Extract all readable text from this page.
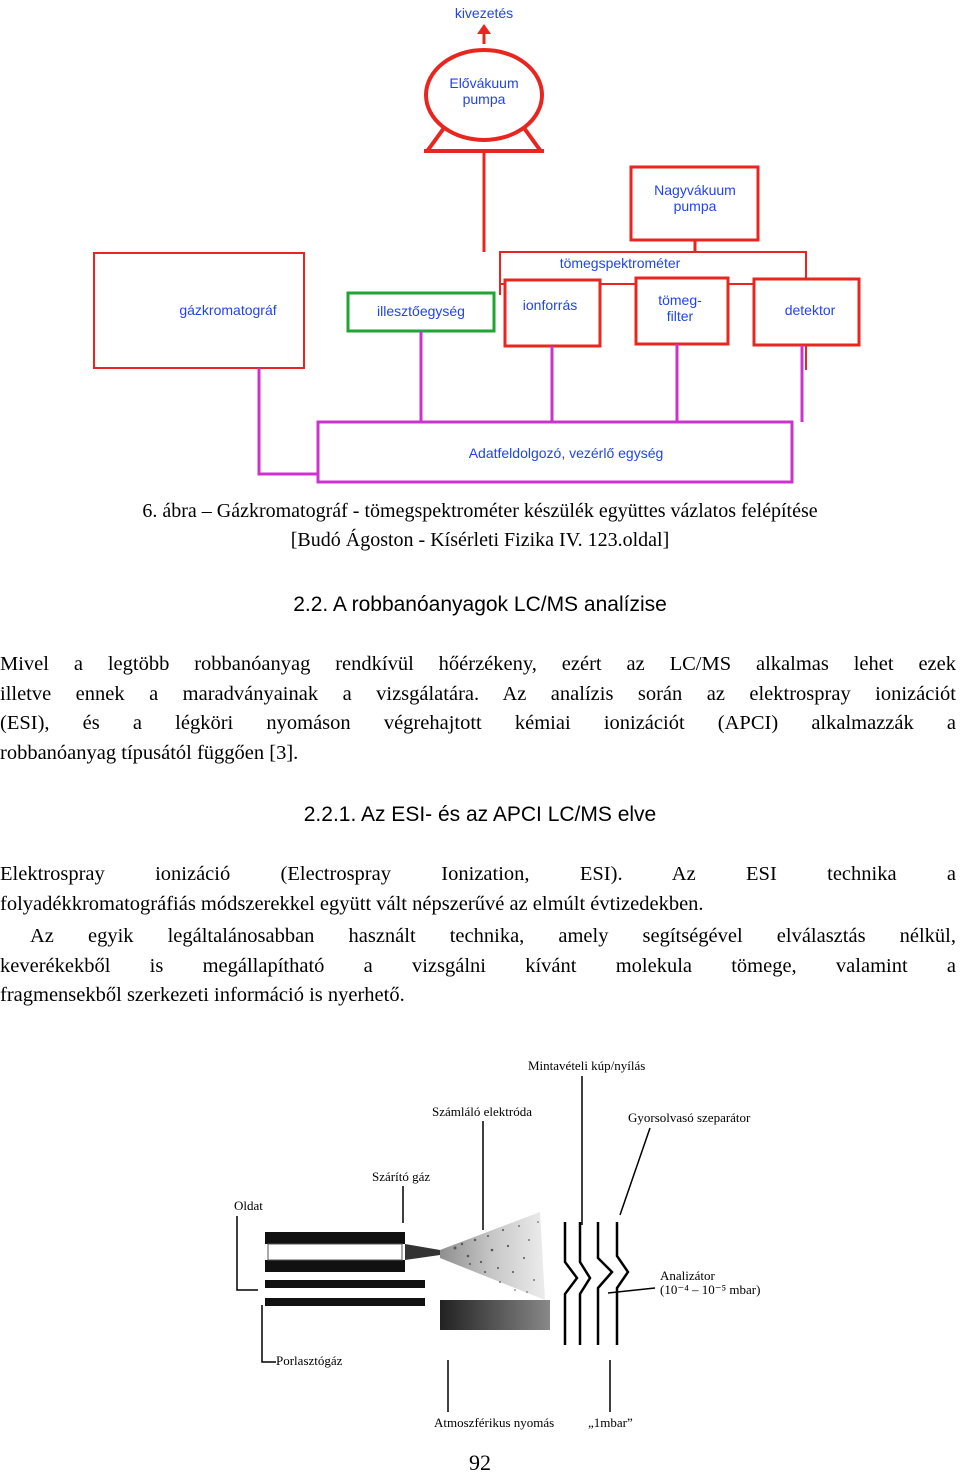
kivezetés
Elővákuum
pumpa
Nagyvákuum
pumpa
tömegspektrométer
gázkromatográf	illesztőegység	ionforrás	tömeg-
filter	detektor
Adatfeldolgozó, vezérlő egység
6. ábra – Gázkromatográf - tömegspektrométer készülék együttes vázlatos felépítése
[Budó Ágoston - Kísérleti Fizika IV. 123.oldal]
2.2. A robbanóanyagok LC/MS analízise
Mivel a legtöbb robbanóanyag rendkívül hőérzékeny, ezért az LC/MS alkalmas lehet ezek
illetve ennek a maradványainak a vizsgálatára. Az analízis során az elektrospray ionizációt
(ESI), és a légköri nyomáson végrehajtott kémiai ionizációt (APCI) alkalmazzák a
robbanóanyag típusától függően [3].
2.2.1. Az ESI- és az APCI LC/MS elve
Elektrospray ionizáció (Electrospray Ionization, ESI). Az ESI technika a
folyadékkromatográfiás módszerekkel együtt vált népszerűvé az elmúlt évtizedekben.
Az egyik legáltalánosabban használt technika, amely segítségével elválasztás nélkül,
keverékekből is megállapítható a vizsgálni kívánt molekula tömege, valamint a
fragmensekből szerkezeti információ is nyerhető.
Mintavételi kúp/nyílás
Számláló elektróda	Gyorsolvasó szeparátor
Szárító gáz
Oldat
Analizátor
(10⁻⁴ – 10⁻⁵ mbar)
Porlasztógáz
Atmoszférikus nyomás	„1mbar”
92
